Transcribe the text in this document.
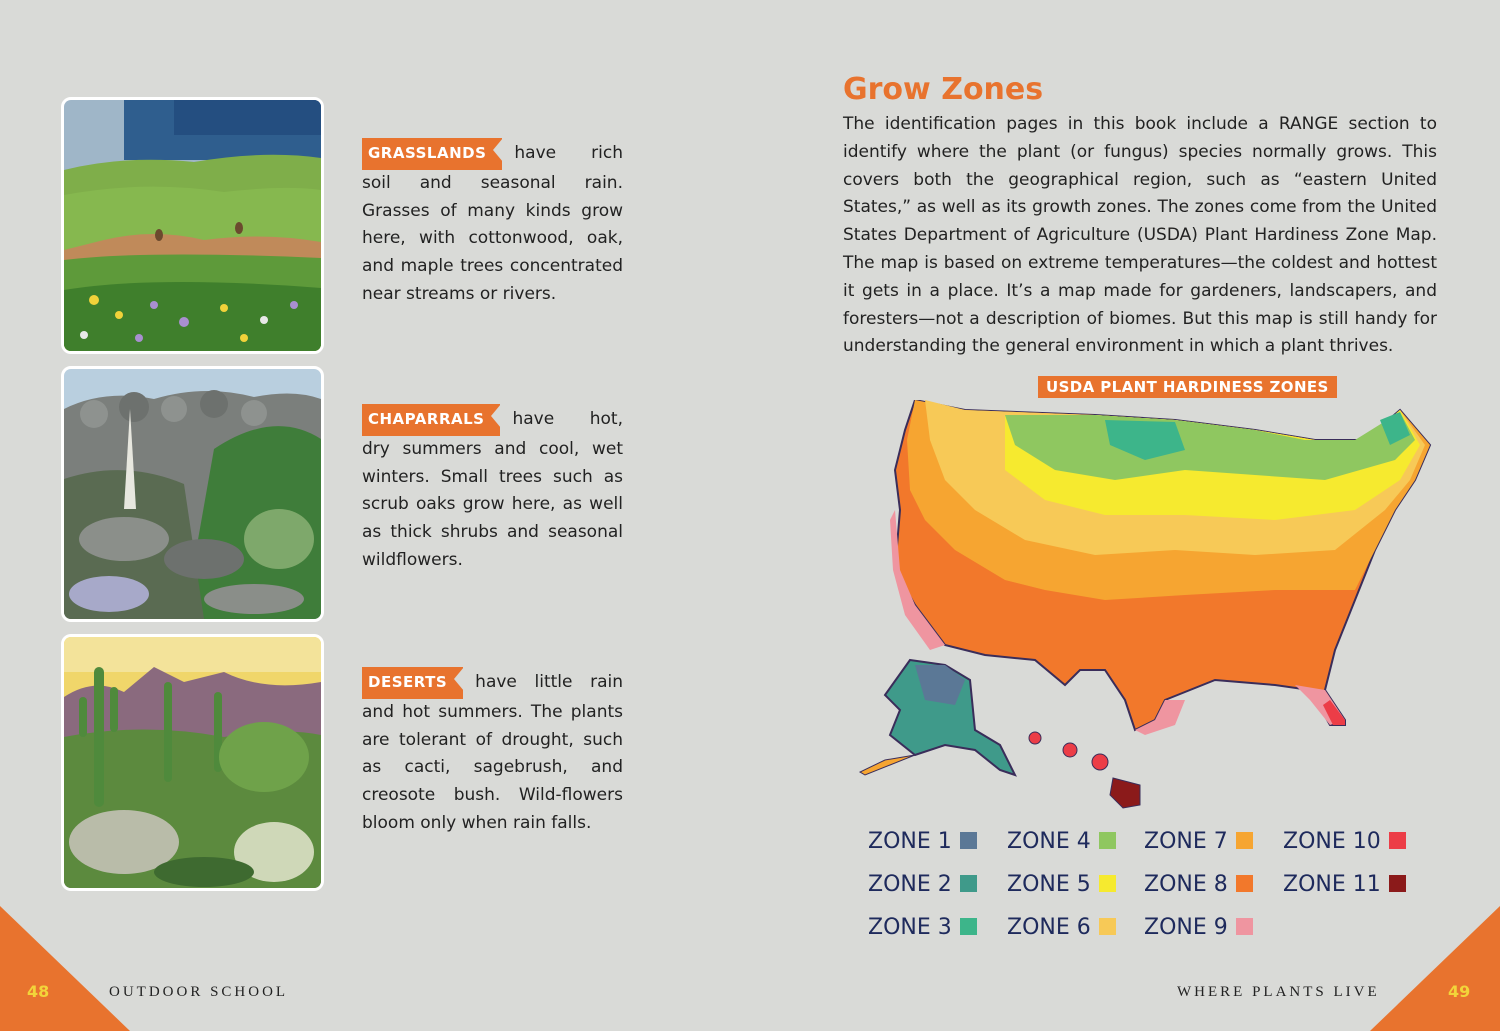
48	OUTDOOR SCHOOL	WHERE PLANTS LIVE	49
GRASSLANDS have rich soil and seasonal rain. Grasses of many kinds grow here, with cottonwood, oak, and maple trees concentrated near streams or rivers.
CHAPARRALS have hot, dry summers and cool, wet winters. Small trees such as scrub oaks grow here, as well as thick shrubs and seasonal wildflowers.
DESERTS have little rain and hot summers. The plants are tolerant of drought, such as cacti, sagebrush, and creosote bush. Wild-flowers bloom only when rain falls.
Grow Zones

The identification pages in this book include a RANGE section to identify where the plant (or fungus) species normally grows. This covers both the geographical region, such as “eastern United States,” as well as its growth zones. The zones come from the United States Department of Agriculture (USDA) Plant Hardiness Zone Map. The map is based on extreme temperatures—the coldest and hottest it gets in a place. It’s a map made for gardeners, landscapers, and foresters—not a description of biomes. But this map is still handy for understanding the general environment in which a plant thrives.

USDA PLANT HARDINESS ZONES
ZONE 1
ZONE 2
ZONE 3
ZONE 4
ZONE 5
ZONE 6
ZONE 7
ZONE 8
ZONE 9
ZONE 10
ZONE 11
